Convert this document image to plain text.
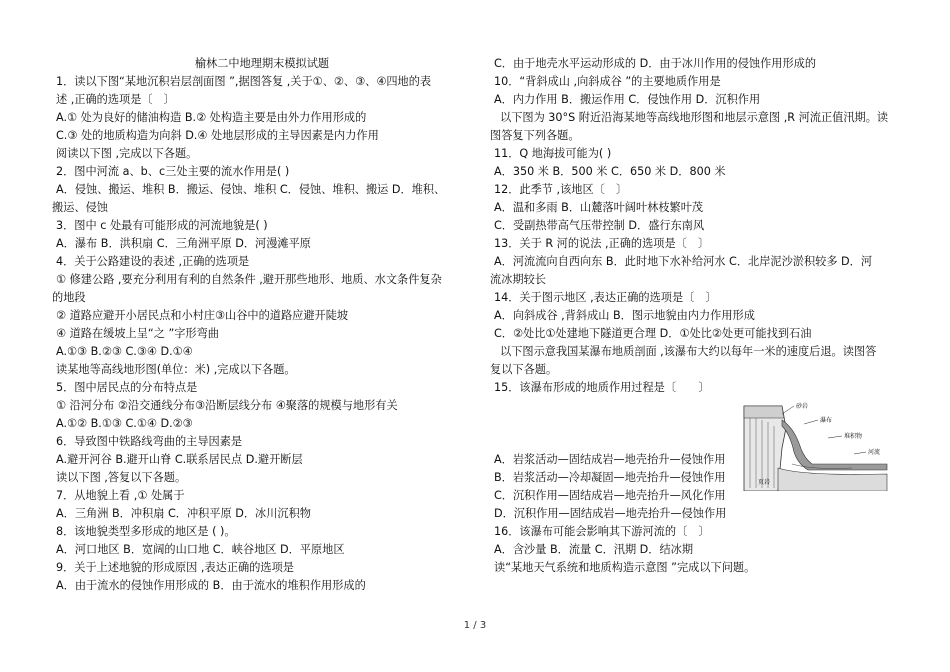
榆林二中地理期末模拟试题
1．读以下图“某地沉积岩层剖面图 ”,据图答复 ,关于①、②、③、④四地的表
述 ,正确的选项是〔　〕
A.① 处为良好的储油构造 B.② 处构造主要是由外力作用形成的
C.③ 处的地质构造为向斜 D.④ 处地层形成的主导因素是内力作用
阅读以下图 ,完成以下各题。
2．图中河流 a、b、c三处主要的流水作用是( )
A．侵蚀、搬运、堆积 B．搬运、侵蚀、堆积 C．侵蚀、堆积、搬运 D．堆积、
搬运、侵蚀
3．图中 c 处最有可能形成的河流地貌是( )
A．瀑布 B．洪积扇 C．三角洲平原 D．河漫滩平原
4．关于公路建设的表述 ,正确的选项是
① 修建公路 ,要充分利用有利的自然条件 ,避开那些地形、地质、水文条件复杂
的地段
② 道路应避开小居民点和小村庄③山谷中的道路应避开陡坡
④ 道路在缓坡上呈“之 ”字形弯曲
A.①③ B.②③ C.③④ D.①④
读某地等高线地形图(单位：米) ,完成以下各题。
5．图中居民点的分布特点是
① 沿河分布 ②沿交通线分布③沿断层线分布 ④聚落的规模与地形有关
A.①② B.①③ C.①④ D.②③
6．导致图中铁路线弯曲的主导因素是
A.避开河谷 B.避开山脊 C.联系居民点 D.避开断层
读以下图 ,答复以下各题。
7．从地貌上看 ,① 处属于
A．三角洲 B．冲积扇 C．冲积平原 D．冰川沉积物
8．该地貌类型多形成的地区是 ( )。
A．河口地区 B．宽阔的山口地 C．峡谷地区 D．平原地区
9．关于上述地貌的形成原因 ,表达正确的选项是
A．由于流水的侵蚀作用形成的 B．由于流水的堆积作用形成的
C．由于地壳水平运动形成的 D．由于冰川作用的侵蚀作用形成的
10．“背斜成山 ,向斜成谷 ”的主要地质作用是
A．内力作用 B．搬运作用 C．侵蚀作用 D．沉积作用
以下图为 30°S 附近沿海某地等高线地形图和地层示意图 ,R 河流正值汛期。读
图答复下列各题。
11．Q 地海拔可能为( )
A．350 米 B．500 米 C．650 米 D．800 米
12．此季节 ,该地区〔　〕
A．温和多雨 B．山麓落叶阔叶林枝繁叶茂
C．受副热带高气压带控制 D．盛行东南风
13．关于 R 河的说法 ,正确的选项是〔　〕
A．河流流向自西向东 B．此时地下水补给河水 C．北岸泥沙淤积较多 D．河
流冰期较长
14．关于图示地区 ,表达正确的选项是〔　〕
A．向斜成谷 ,背斜成山 B．图示地貌由内力作用形成
C．②处比①处建地下隧道更合理 D．①处比②处更可能找到石油
以下图示意我国某瀑布地质剖面 ,该瀑布大约以每年一米的速度后退。读图答
复以下各题。
15．该瀑布形成的地质作用过程是〔　　〕
A．岩浆活动—固结成岩—地壳抬升—侵蚀作用
B．岩浆活动—冷却凝固—地壳抬升—侵蚀作用
C．沉积作用—固结成岩—地壳抬升—风化作用
D．沉积作用—固结成岩—地壳抬升—侵蚀作用
16．该瀑布可能会影响其下游河流的〔　〕
A．含沙量 B．流量 C．汛期 D．结冰期
读“某地天气系统和地质构造示意图 ”完成以下问题。
砂岩
瀑布
堆积物
页岩
河流
1 / 3
